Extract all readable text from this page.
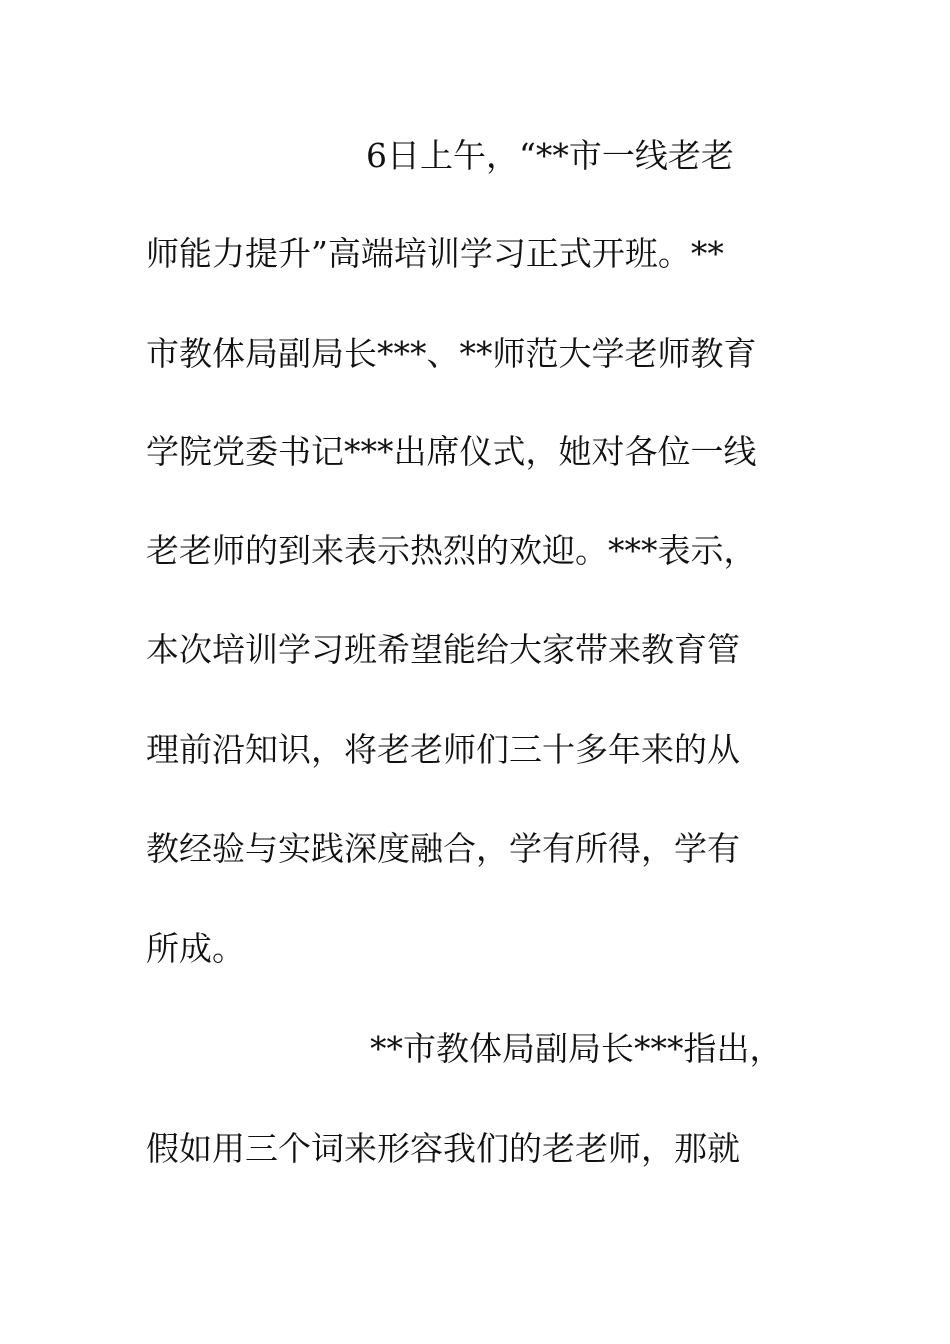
6日上午，“**市一线老老
师能力提升”高端培训学习正式开班。**
市教体局副局长***、**师范大学老师教育
学院党委书记***出席仪式，她对各位一线
老老师的到来表示热烈的欢迎。***表示，
本次培训学习班希望能给大家带来教育管
理前沿知识，将老老师们三十多年来的从
教经验与实践深度融合，学有所得，学有
所成。
**市教体局副局长***指出，
假如用三个词来形容我们的老老师，那就
